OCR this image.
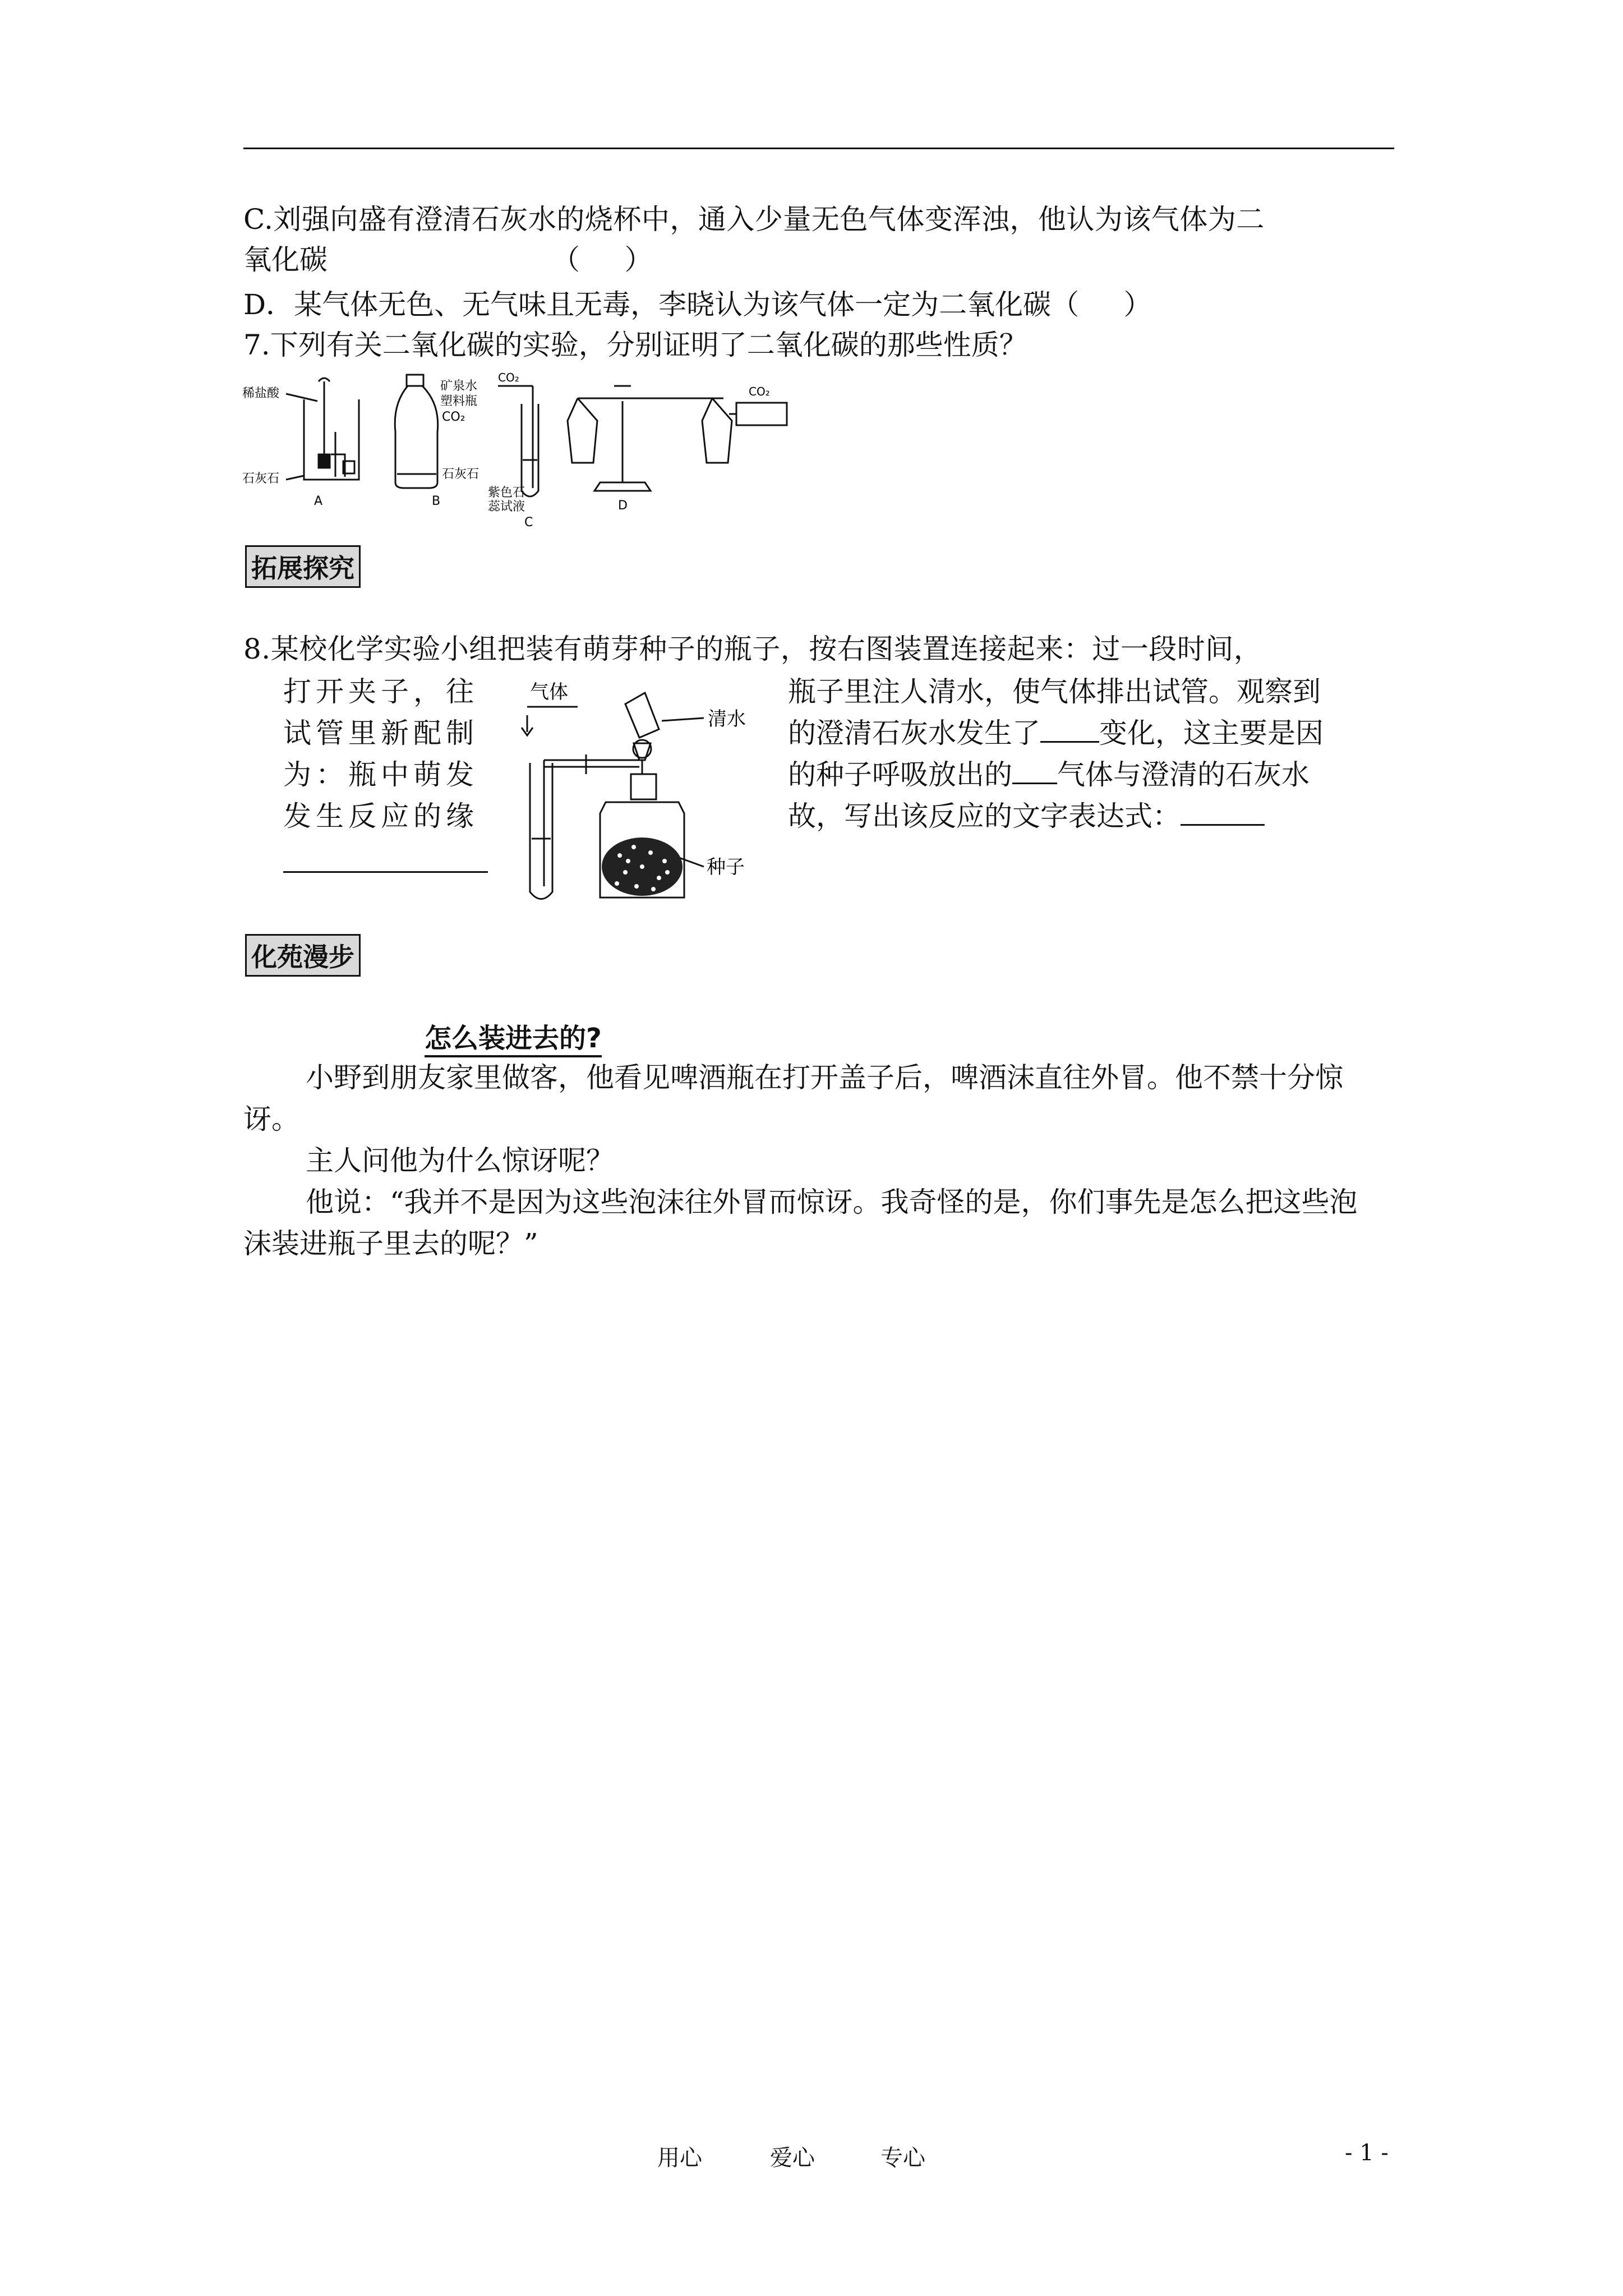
C.刘强向盛有澄清石灰水的烧杯中，通入少量无色气体变浑浊，他认为该气体为二
氧化碳	（     ）
D．某气体无色、无气味且无毒，李晓认为该气体一定为二氧化碳（     ）
7.下列有关二氧化碳的实验，分别证明了二氧化碳的那些性质？
稀盐酸
石灰石
A
矿泉水
塑料瓶
CO₂
石灰石
B
CO₂
紫色石
蕊试液
C
CO₂
D
拓展探究
8.某校化学实验小组把装有萌芽种子的瓶子，按右图装置连接起来：过一段时间，
打开夹子，往
试管里新配制
为：瓶中萌发
发生反应的缘
瓶子里注人清水，使气体排出试管。观察到
的澄清石灰水发生了 变化，这主要是因
的种子呼吸放出的 气体与澄清的石灰水
故，写出该反应的文字表达式：
气体
清水
种子
化苑漫步
怎么装进去的?
小野到朋友家里做客，他看见啤酒瓶在打开盖子后，啤酒沫直往外冒。他不禁十分惊
讶。
主人问他为什么惊讶呢？
他说：“我并不是因为这些泡沫往外冒而惊讶。我奇怪的是，你们事先是怎么把这些泡
沫装进瓶子里去的呢？”
用心	爱心	专心	- 1 -
